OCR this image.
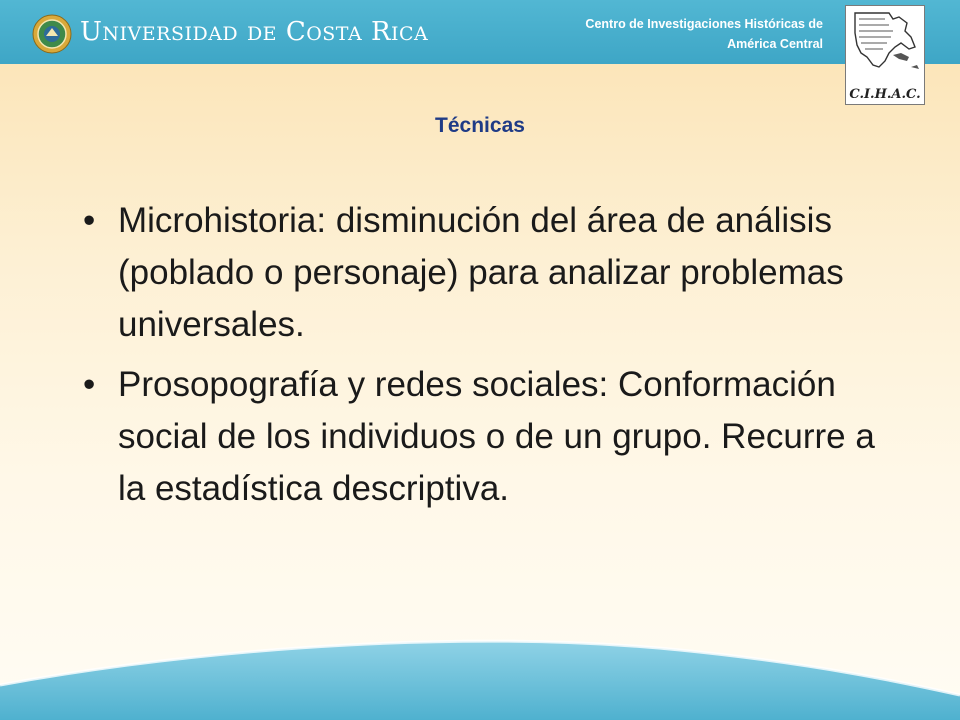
UNIVERSIDAD DE COSTA RICA	Centro de Investigaciones Históricas de
América Central
C.I.H.A.C.
Técnicas
• Microhistoria: disminución del área de análisis (poblado o personaje) para analizar problemas universales.
• Prosopografía y redes sociales: Conformación social de los individuos o de un grupo. Recurre a la estadística descriptiva.
